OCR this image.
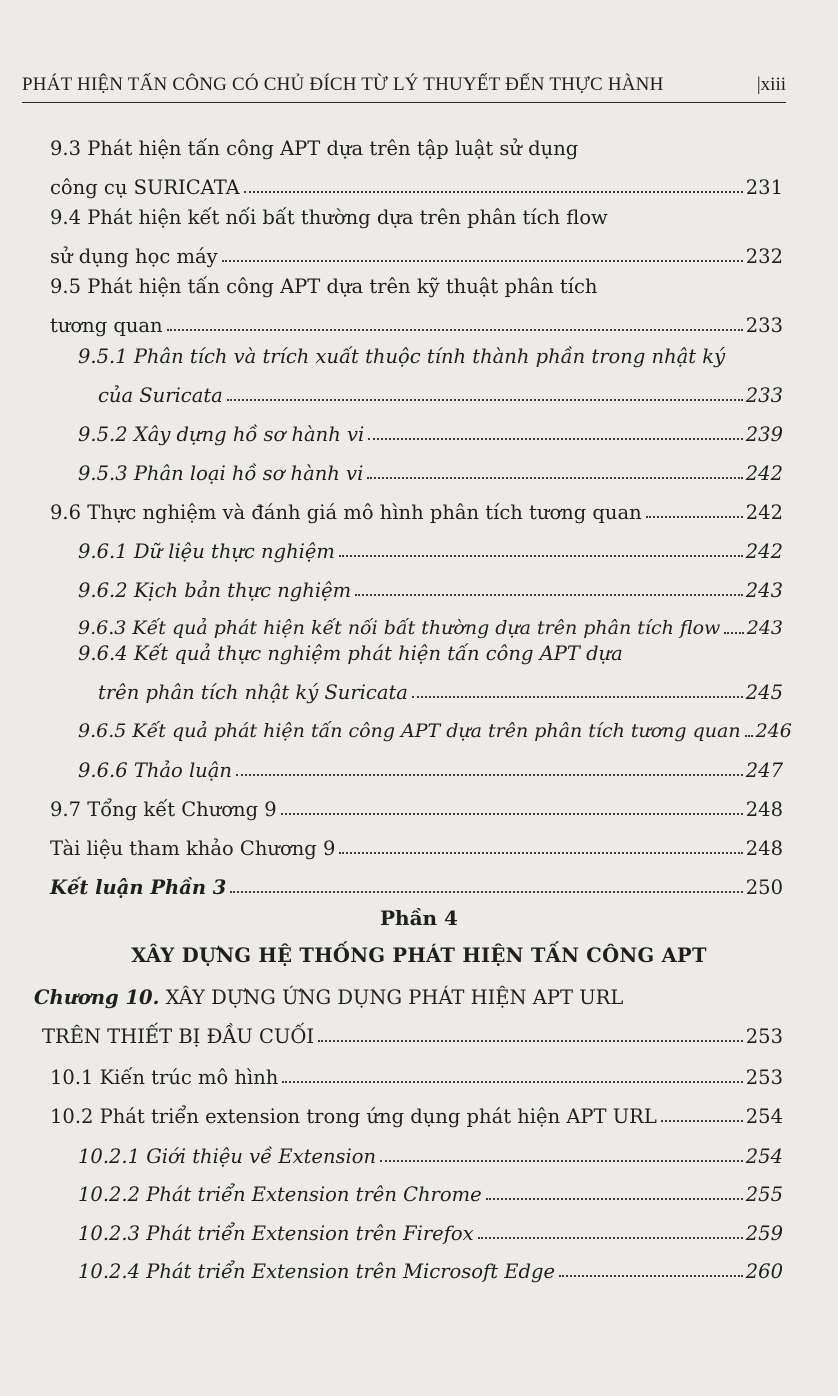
PHÁT HIỆN TẤN CÔNG CÓ CHỦ ĐÍCH TỪ LÝ THUYẾT ĐẾN THỰC HÀNH	|xiii
9.3 Phát hiện tấn công APT dựa trên tập luật sử dụng
công cụ SURICATA	231
9.4 Phát hiện kết nối bất thường dựa trên phân tích flow
sử dụng học máy	232
9.5 Phát hiện tấn công APT dựa trên kỹ thuật phân tích
tương quan	233
9.5.1 Phân tích và trích xuất thuộc tính thành phần trong nhật ký
của Suricata	233
9.5.2 Xây dựng hồ sơ hành vi	239
9.5.3 Phân loại hồ sơ hành vi	242
9.6 Thực nghiệm và đánh giá mô hình phân tích tương quan	242
9.6.1 Dữ liệu thực nghiệm	242
9.6.2 Kịch bản thực nghiệm	243
9.6.3 Kết quả phát hiện kết nối bất thường dựa trên phân tích flow 243
9.6.4 Kết quả thực nghiệm phát hiện tấn công APT dựa
trên phân tích nhật ký Suricata	245
9.6.5 Kết quả phát hiện tấn công APT dựa trên phân tích tương quan 246
9.6.6 Thảo luận	247
9.7 Tổng kết Chương 9	248
Tài liệu tham khảo Chương 9	248
Kết luận Phần 3	250
Phần 4
XÂY DỰNG HỆ THỐNG PHÁT HIỆN TẤN CÔNG APT
Chương 10. XÂY DỰNG ỨNG DỤNG PHÁT HIỆN APT URL
TRÊN THIẾT BỊ ĐẦU CUỐI	253
10.1 Kiến trúc mô hình	253
10.2 Phát triển extension trong ứng dụng phát hiện APT URL	254
10.2.1 Giới thiệu về Extension	254
10.2.2 Phát triển Extension trên Chrome	255
10.2.3 Phát triển Extension trên Firefox	259
10.2.4 Phát triển Extension trên Microsoft Edge	260
